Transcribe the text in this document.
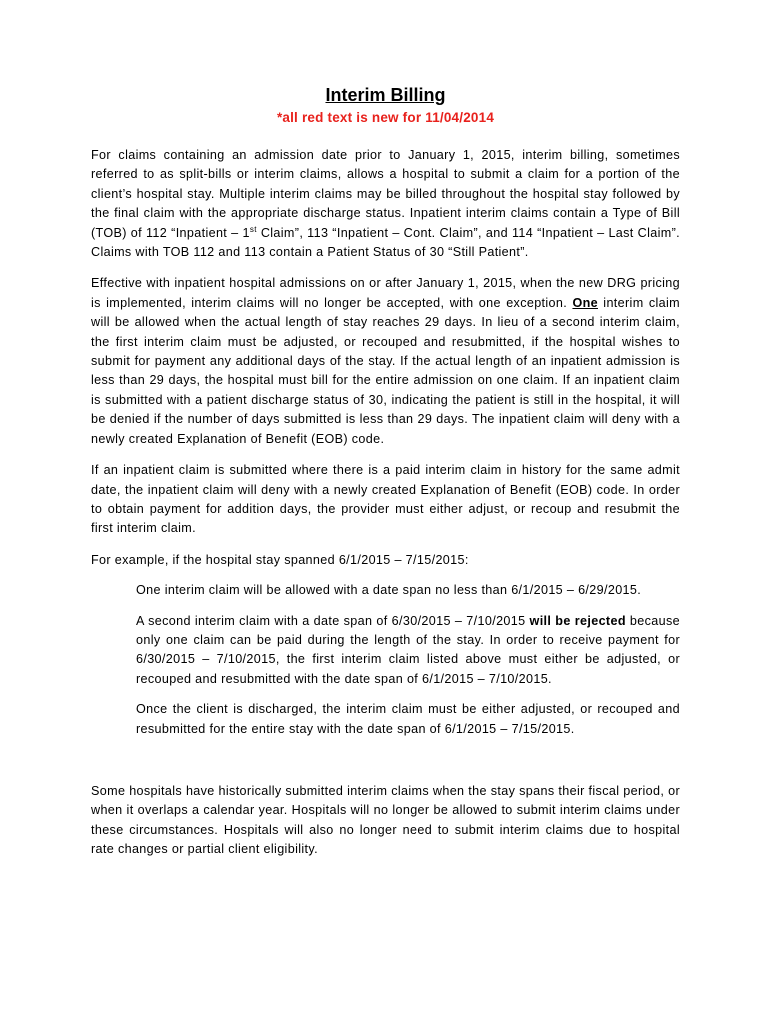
Interim Billing
*all red text is new for 11/04/2014

For claims containing an admission date prior to January 1, 2015, interim billing, sometimes referred to as split-bills or interim claims, allows a hospital to submit a claim for a portion of the client’s hospital stay. Multiple interim claims may be billed throughout the hospital stay followed by the final claim with the appropriate discharge status. Inpatient interim claims contain a Type of Bill (TOB) of 112 “Inpatient – 1st Claim”, 113 “Inpatient – Cont. Claim”, and 114 “Inpatient – Last Claim”. Claims with TOB 112 and 113 contain a Patient Status of 30 “Still Patient”.

Effective with inpatient hospital admissions on or after January 1, 2015, when the new DRG pricing is implemented, interim claims will no longer be accepted, with one exception. One interim claim will be allowed when the actual length of stay reaches 29 days. In lieu of a second interim claim, the first interim claim must be adjusted, or recouped and resubmitted, if the hospital wishes to submit for payment any additional days of the stay. If the actual length of an inpatient admission is less than 29 days, the hospital must bill for the entire admission on one claim. If an inpatient claim is submitted with a patient discharge status of 30, indicating the patient is still in the hospital, it will be denied if the number of days submitted is less than 29 days. The inpatient claim will deny with a newly created Explanation of Benefit (EOB) code.

If an inpatient claim is submitted where there is a paid interim claim in history for the same admit date, the inpatient claim will deny with a newly created Explanation of Benefit (EOB) code. In order to obtain payment for addition days, the provider must either adjust, or recoup and resubmit the first interim claim.

For example, if the hospital stay spanned 6/1/2015 – 7/15/2015:

One interim claim will be allowed with a date span no less than 6/1/2015 – 6/29/2015.

A second interim claim with a date span of 6/30/2015 – 7/10/2015 will be rejected because only one claim can be paid during the length of the stay. In order to receive payment for 6/30/2015 – 7/10/2015, the first interim claim listed above must either be adjusted, or recouped and resubmitted with the date span of 6/1/2015 – 7/10/2015.

Once the client is discharged, the interim claim must be either adjusted, or recouped and resubmitted for the entire stay with the date span of 6/1/2015 – 7/15/2015.

Some hospitals have historically submitted interim claims when the stay spans their fiscal period, or when it overlaps a calendar year. Hospitals will no longer be allowed to submit interim claims under these circumstances. Hospitals will also no longer need to submit interim claims due to hospital rate changes or partial client eligibility.
